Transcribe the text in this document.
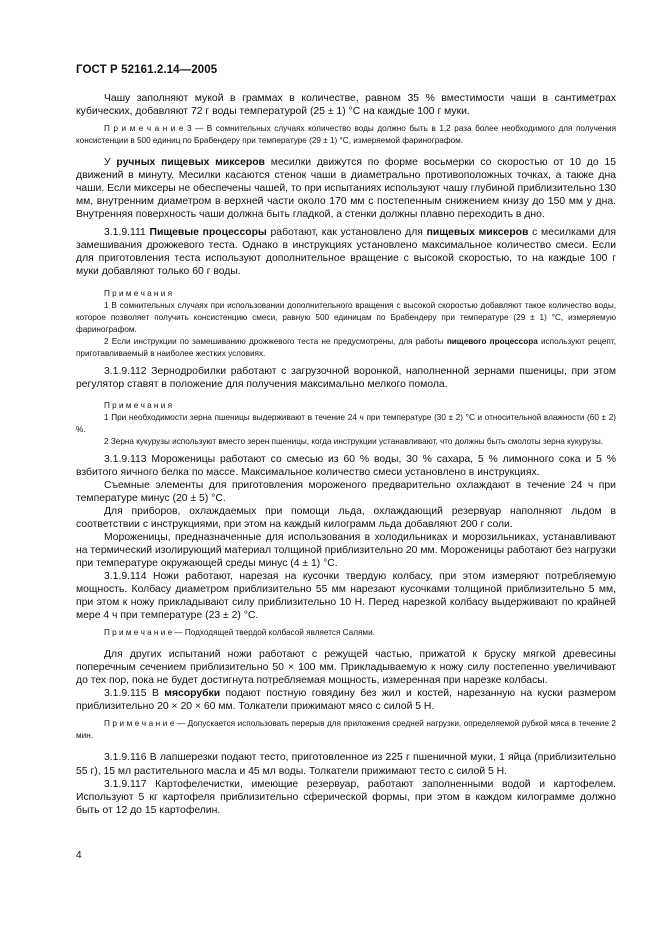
ГОСТ Р 52161.2.14—2005

Чашу заполняют мукой в граммах в количестве, равном 35 % вместимости чаши в сантиметрах кубических, добавляют 72 г воды температурой (25 ± 1) °С на каждые 100 г муки.

П р и м е ч а н и е 3 — В сомнительных случаях количество воды должно быть в 1,2 раза более необходимого для получения консистенции в 500 единиц по Брабендеру при температуре (29 ± 1) °С, измеряемой фаринографом.

У ручных пищевых миксеров месилки движутся по форме восьмерки со скоростью от 10 до 15 движений в минуту. Месилки касаются стенок чаши в диаметрально противоположных точках, а также дна чаши. Если миксеры не обеспечены чашей, то при испытаниях используют чашу глубиной приблизительно 130 мм, внутренним диаметром в верхней части около 170 мм с постепенным снижением книзу до 150 мм у дна. Внутренняя поверхность чаши должна быть гладкой, а стенки должны плавно переходить в дно.

3.1.9.111 Пищевые процессоры работают, как установлено для пищевых миксеров с месилками для замешивания дрожжевого теста. Однако в инструкциях установлено максимальное количество смеси. Если для приготовления теста используют дополнительное вращение с высокой скоростью, то на каждые 100 г муки добавляют только 60 г воды.

П р и м е ч а н и я

1 В сомнительных случаях при использовании дополнительного вращения с высокой скоростью добавляют такое количество воды, которое позволяет получить консистенцию смеси, равную 500 единицам по Брабендеру при температуре (29 ± 1) °С, измеряемую фаринографом.

2 Если инструкции по замешиванию дрожжевого теста не предусмотрены, для работы пищевого процессора используют рецепт, приготавливаемый в наиболее жестких условиях.

3.1.9.112 Зернодробилки работают с загрузочной воронкой, наполненной зернами пшеницы, при этом регулятор ставят в положение для получения максимально мелкого помола.

П р и м е ч а н и я

1 При необходимости зерна пшеницы выдерживают в течение 24 ч при температуре (30 ± 2) °С и относительной влажности (60 ± 2) %.

2 Зерна кукурузы используют вместо зерен пшеницы, когда инструкции устанавливают, что должны быть смолоты зерна кукурузы.

3.1.9.113 Мороженицы работают со смесью из 60 % воды, 30 % сахара, 5 % лимонного сока и 5 % взбитого яичного белка по массе. Максимальное количество смеси установлено в инструкциях.

Съемные элементы для приготовления мороженого предварительно охлаждают в течение 24 ч при температуре минус (20 ± 5) °С.

Для приборов, охлаждаемых при помощи льда, охлаждающий резервуар наполняют льдом в соответствии с инструкциями, при этом на каждый килограмм льда добавляют 200 г соли.

Мороженицы, предназначенные для использования в холодильниках и морозильниках, устанавливают на термический изолирующий материал толщиной приблизительно 20 мм. Мороженицы работают без нагрузки при температуре окружающей среды минус (4 ± 1) °С.

3.1.9.114 Ножи работают, нарезая на кусочки твердую колбасу, при этом измеряют потребляемую мощность. Колбасу диаметром приблизительно 55 мм нарезают кусочками толщиной приблизительно 5 мм, при этом к ножу прикладывают силу приблизительно 10 Н. Перед нарезкой колбасу выдерживают по крайней мере 4 ч при температуре (23 ± 2) °С.

П р и м е ч а н и е — Подходящей твердой колбасой является Салями.

Для других испытаний ножи работают с режущей частью, прижатой к бруску мягкой древесины поперечным сечением приблизительно 50 × 100 мм. Прикладываемую к ножу силу постепенно увеличивают до тех пор, пока не будет достигнута потребляемая мощность, измеренная при нарезке колбасы.

3.1.9.115 В мясорубки подают постную говядину без жил и костей, нарезанную на куски размером приблизительно 20 × 20 × 60 мм. Толкатели прижимают мясо с силой 5 Н.

П р и м е ч а н и е — Допускается использовать перерыв для приложения средней нагрузки, определяемой рубкой мяса в течение 2 мин.

3.1.9.116 В лапшерезки подают тесто, приготовленное из 225 г пшеничной муки, 1 яйца (приблизительно 55 г), 15 мл растительного масла и 45 мл воды. Толкатели прижимают тесто с силой 5 Н.

3.1.9.117 Картофелечистки, имеющие резервуар, работают заполненными водой и картофелем. Используют 5 кг картофеля приблизительно сферической формы, при этом в каждом килограмме должно быть от 12 до 15 картофелин.

4
